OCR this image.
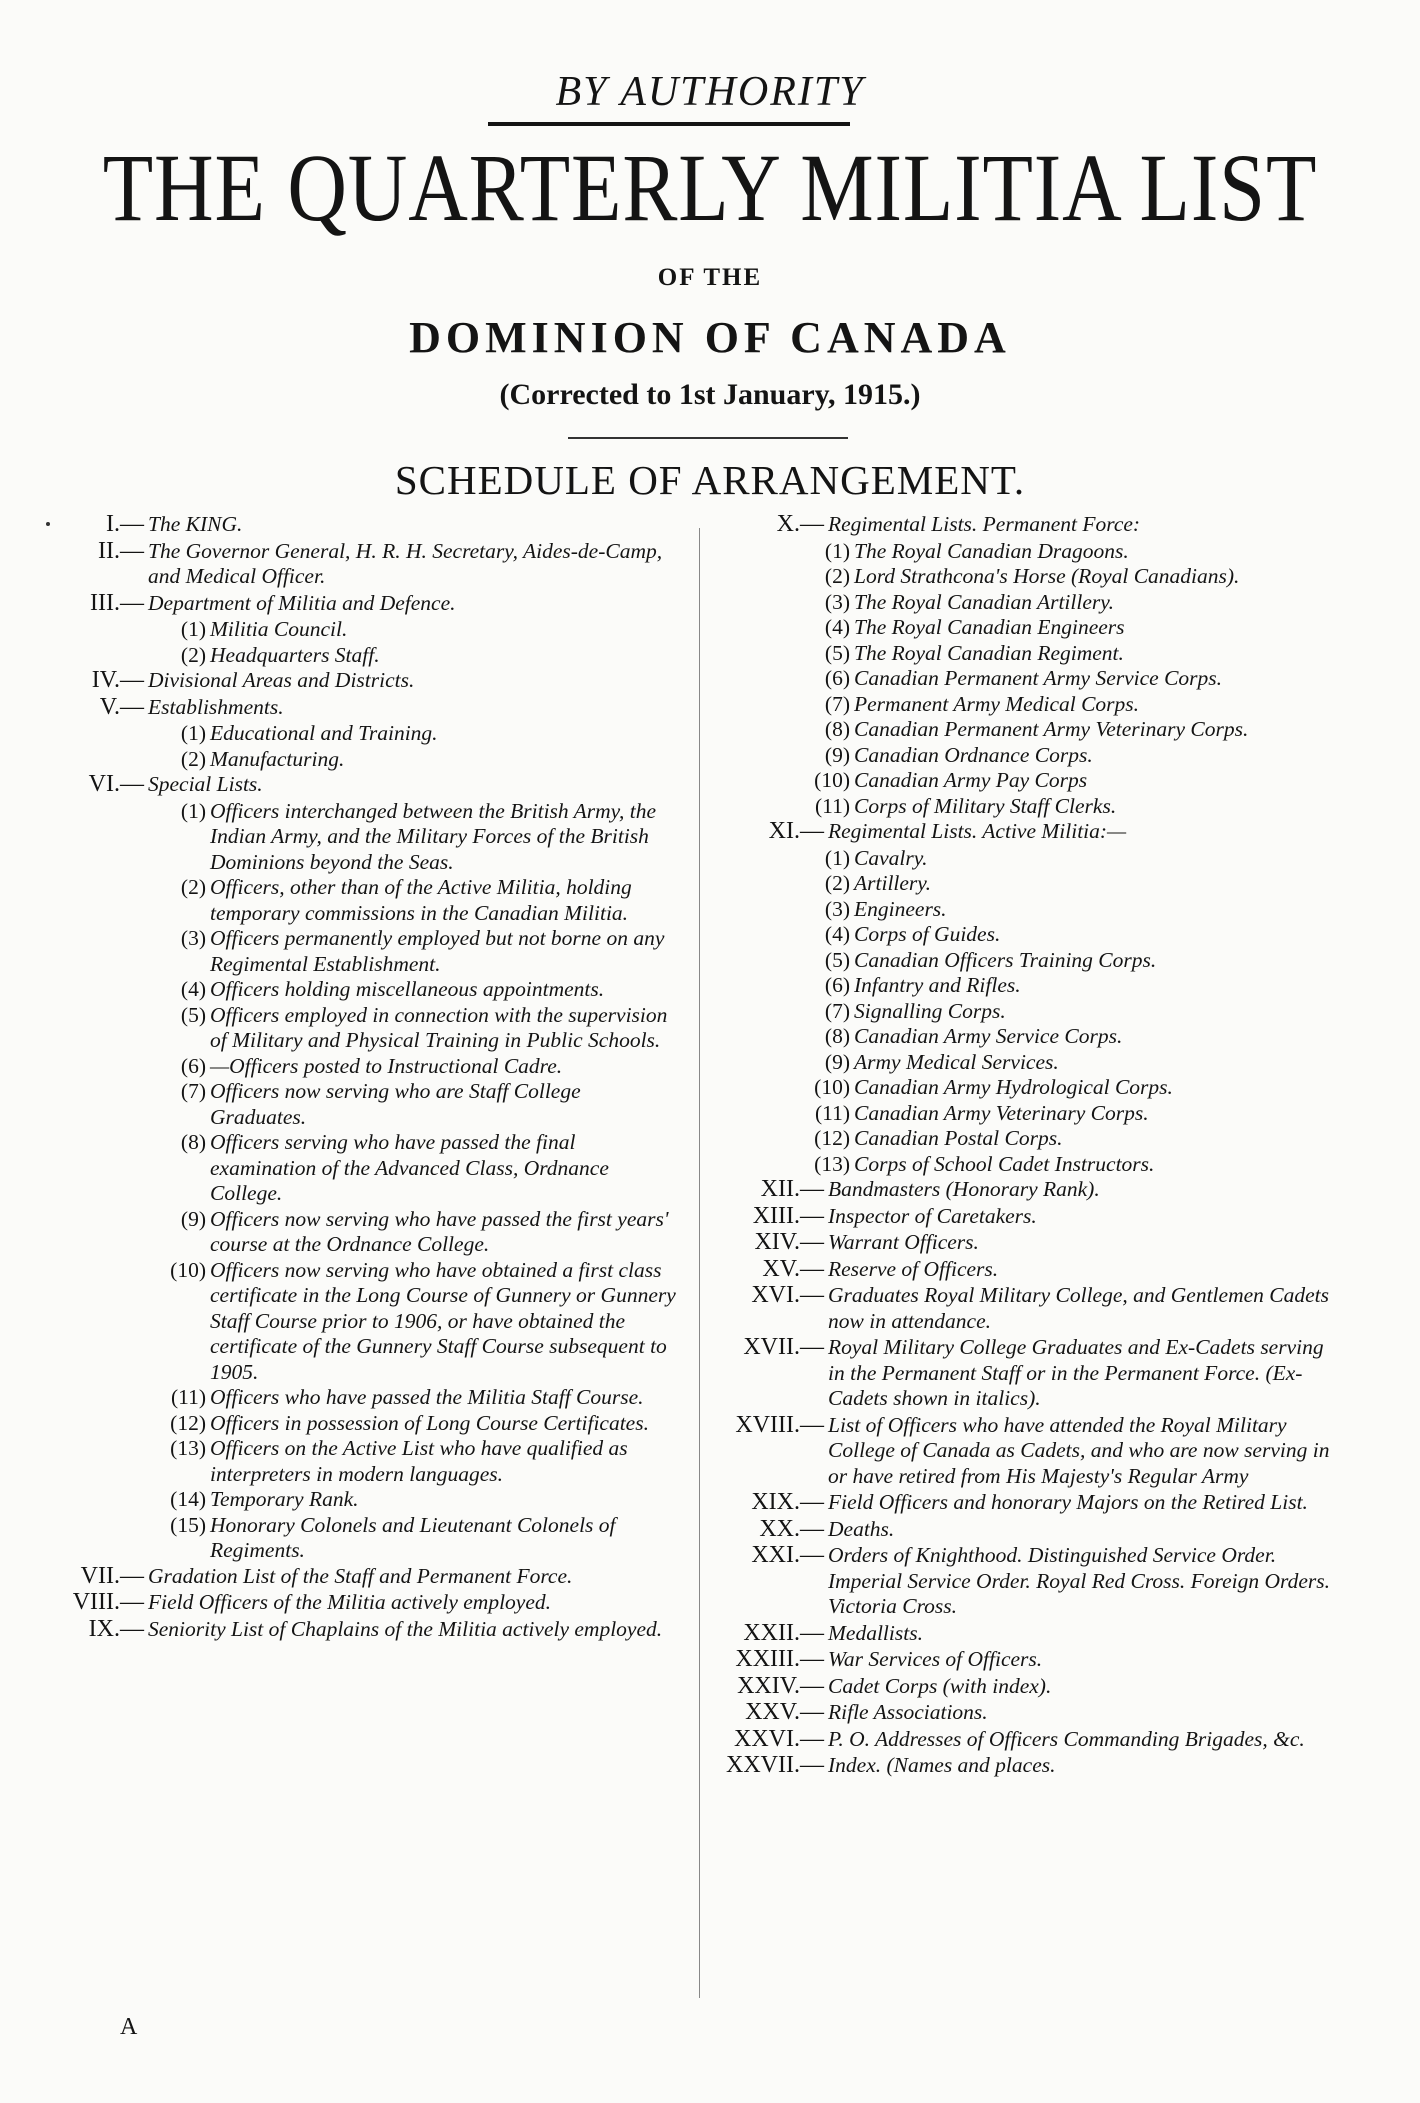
BY AUTHORITY
THE QUARTERLY MILITIA LIST
OF THE
DOMINION OF CANADA
(Corrected to 1st January, 1915.)
SCHEDULE OF ARRANGEMENT.
I.— The KING.
II.— The Governor General, H. R. H. Secretary, Aides-de-Camp, and Medical Officer.
III.— Department of Militia and Defence.
(1) Militia Council.
(2) Headquarters Staff.
IV.— Divisional Areas and Districts.
V.— Establishments.
(1) Educational and Training.
(2) Manufacturing.
VI.— Special Lists.
(1) Officers interchanged between the British Army, the Indian Army, and the Military Forces of the British Dominions beyond the Seas.
(2) Officers, other than of the Active Militia, holding temporary commissions in the Canadian Militia.
(3) Officers permanently employed but not borne on any Regimental Establishment.
(4) Officers holding miscellaneous appointments.
(5) Officers employed in connection with the supervision of Military and Physical Training in Public Schools.
(6) —Officers posted to Instructional Cadre.
(7) Officers now serving who are Staff College Graduates.
(8) Officers serving who have passed the final examination of the Advanced Class, Ordnance College.
(9) Officers now serving who have passed the first years' course at the Ordnance College.
(10) Officers now serving who have obtained a first class certificate in the Long Course of Gunnery or Gunnery Staff Course prior to 1906, or have obtained the certificate of the Gunnery Staff Course subsequent to 1905.
(11) Officers who have passed the Militia Staff Course.
(12) Officers in possession of Long Course Certificates.
(13) Officers on the Active List who have qualified as interpreters in modern languages.
(14) Temporary Rank.
(15) Honorary Colonels and Lieutenant Colonels of Regiments.
VII.— Gradation List of the Staff and Permanent Force.
VIII.— Field Officers of the Militia actively employed.
IX.— Seniority List of Chaplains of the Militia actively employed.
X.— Regimental Lists. Permanent Force:
(1) The Royal Canadian Dragoons.
(2) Lord Strathcona's Horse (Royal Canadians).
(3) The Royal Canadian Artillery.
(4) The Royal Canadian Engineers
(5) The Royal Canadian Regiment.
(6) Canadian Permanent Army Service Corps.
(7) Permanent Army Medical Corps.
(8) Canadian Permanent Army Veterinary Corps.
(9) Canadian Ordnance Corps.
(10) Canadian Army Pay Corps
(11) Corps of Military Staff Clerks.
XI.— Regimental Lists. Active Militia:—
(1) Cavalry.
(2) Artillery.
(3) Engineers.
(4) Corps of Guides.
(5) Canadian Officers Training Corps.
(6) Infantry and Rifles.
(7) Signalling Corps.
(8) Canadian Army Service Corps.
(9) Army Medical Services.
(10) Canadian Army Hydrological Corps.
(11) Canadian Army Veterinary Corps.
(12) Canadian Postal Corps.
(13) Corps of School Cadet Instructors.
XII.— Bandmasters (Honorary Rank).
XIII.— Inspector of Caretakers.
XIV.— Warrant Officers.
XV.— Reserve of Officers.
XVI.— Graduates Royal Military College, and Gentlemen Cadets now in attendance.
XVII.— Royal Military College Graduates and Ex-Cadets serving in the Permanent Staff or in the Permanent Force. (Ex-Cadets shown in italics).
XVIII.— List of Officers who have attended the Royal Military College of Canada as Cadets, and who are now serving in or have retired from His Majesty's Regular Army
XIX.— Field Officers and honorary Majors on the Retired List.
XX.— Deaths.
XXI.— Orders of Knighthood. Distinguished Service Order. Imperial Service Order. Royal Red Cross. Foreign Orders. Victoria Cross.
XXII.— Medallists.
XXIII.— War Services of Officers.
XXIV.— Cadet Corps (with index).
XXV.— Rifle Associations.
XXVI.— P. O. Addresses of Officers Commanding Brigades, &c.
XXVII.— Index. (Names and places.
A
